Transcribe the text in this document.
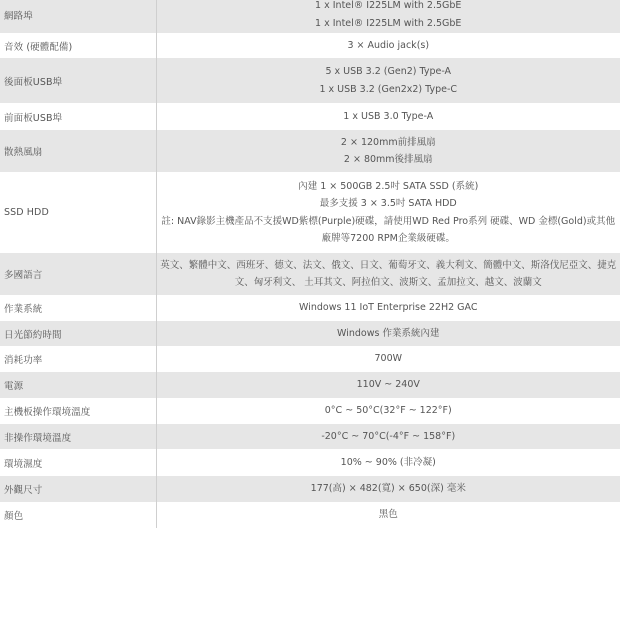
網路埠	1 x Intel® I225LM with 2.5GbE
1 x Intel® I225LM with 2.5GbE

音效 (硬體配備)	3 × Audio jack(s)

後面板USB埠	5 x USB 3.2 (Gen2) Type-A
1 x USB 3.2 (Gen2x2) Type-C

前面板USB埠	1 x USB 3.0 Type-A

散熱風扇	2 × 120mm前排風扇
2 × 80mm後排風扇

SSD HDD	內建 1 × 500GB 2.5吋 SATA SSD (系統)
最多支援 3 × 3.5吋 SATA HDD
註: NAV錄影主機產品不支援WD紫標(Purple)硬碟，請使用WD Red Pro系列 硬碟、WD 金標(Gold)或其他廠牌等7200 RPM企業級硬碟。

多國語言	英文、繁體中文、西班牙、德文、法文、俄文、日文、葡萄牙文、義大利文、簡體中文、斯洛伐尼亞文、捷克文、匈牙利文、 土耳其文、阿拉伯文、波斯文、孟加拉文、越文、波蘭文

作業系統	Windows 11 IoT Enterprise 22H2 GAC

日光節約時間	Windows 作業系統內建

消耗功率	700W

電源	110V ~ 240V

主機板操作環境溫度	0°C ~ 50°C(32°F ~ 122°F)

非操作環境溫度	-20°C ~ 70°C(-4°F ~ 158°F)

環境濕度	10% ~ 90% (非冷凝)

外觀尺寸	177(高) × 482(寬) × 650(深) 毫米

顏色	黑色
